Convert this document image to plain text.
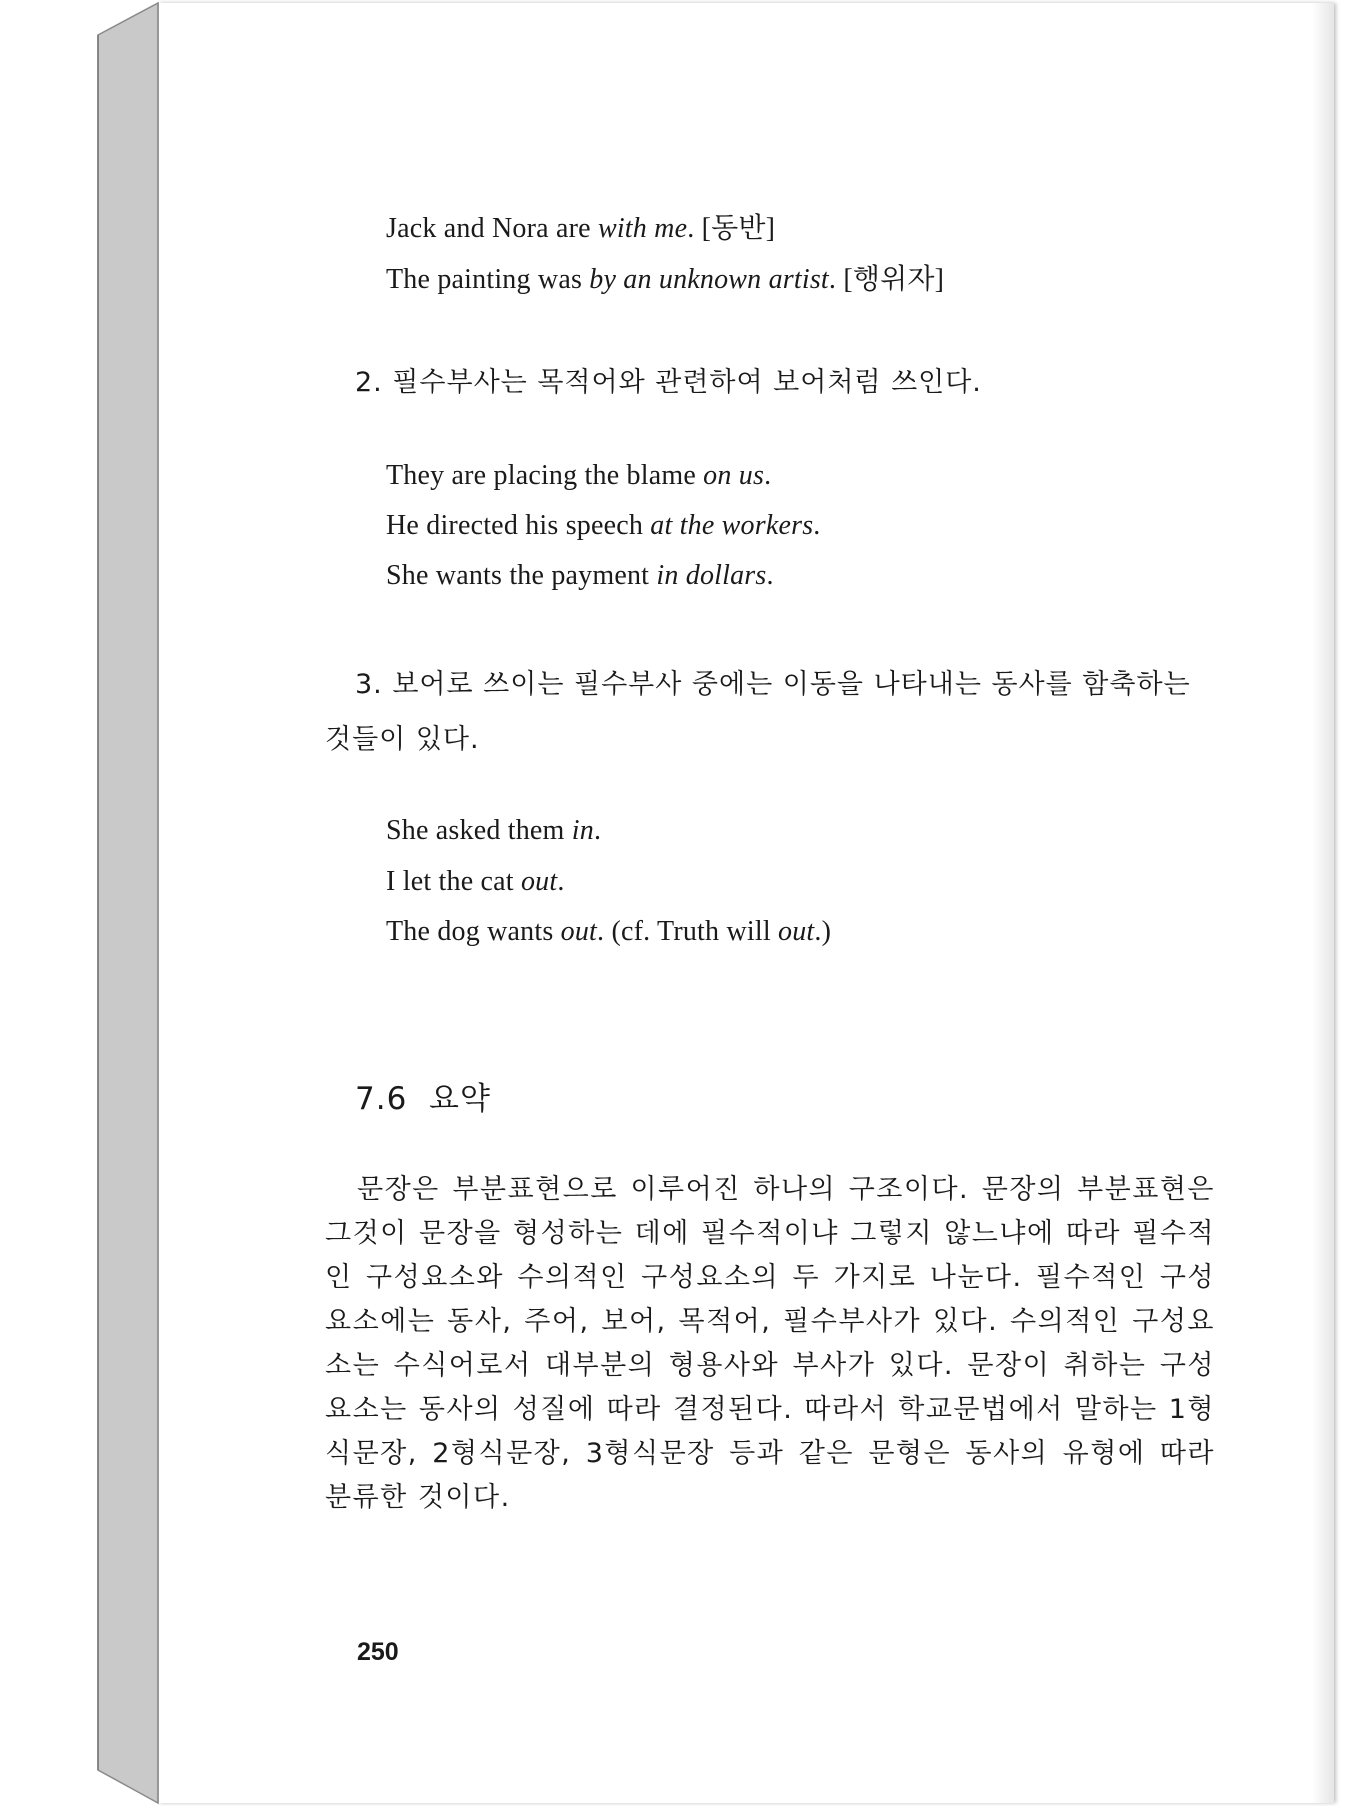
Jack and Nora are with me. [동반]
The painting was by an unknown artist. [행위자]
2. 필수부사는 목적어와 관련하여 보어처럼 쓰인다.
They are placing the blame on us.
He directed his speech at the workers.
She wants the payment in dollars.
3. 보어로 쓰이는 필수부사 중에는 이동을 나타내는 동사를 함축하는
것들이 있다.
She asked them in.
I let the cat out.
The dog wants out. (cf. Truth will out.)
7.6  요약
문장은 부분표현으로 이루어진 하나의 구조이다. 문장의 부분표현은 그것이 문장을 형성하는 데에 필수적이냐 그렇지 않느냐에 따라 필수적인 구성요소와 수의적인 구성요소의 두 가지로 나눈다. 필수적인 구성요소에는 동사, 주어, 보어, 목적어, 필수부사가 있다. 수의적인 구성요소는 수식어로서 대부분의 형용사와 부사가 있다. 문장이 취하는 구성요소는 동사의 성질에 따라 결정된다. 따라서 학교문법에서 말하는 1형식문장, 2형식문장, 3형식문장 등과 같은 문형은 동사의 유형에 따라 분류한 것이다.
250
